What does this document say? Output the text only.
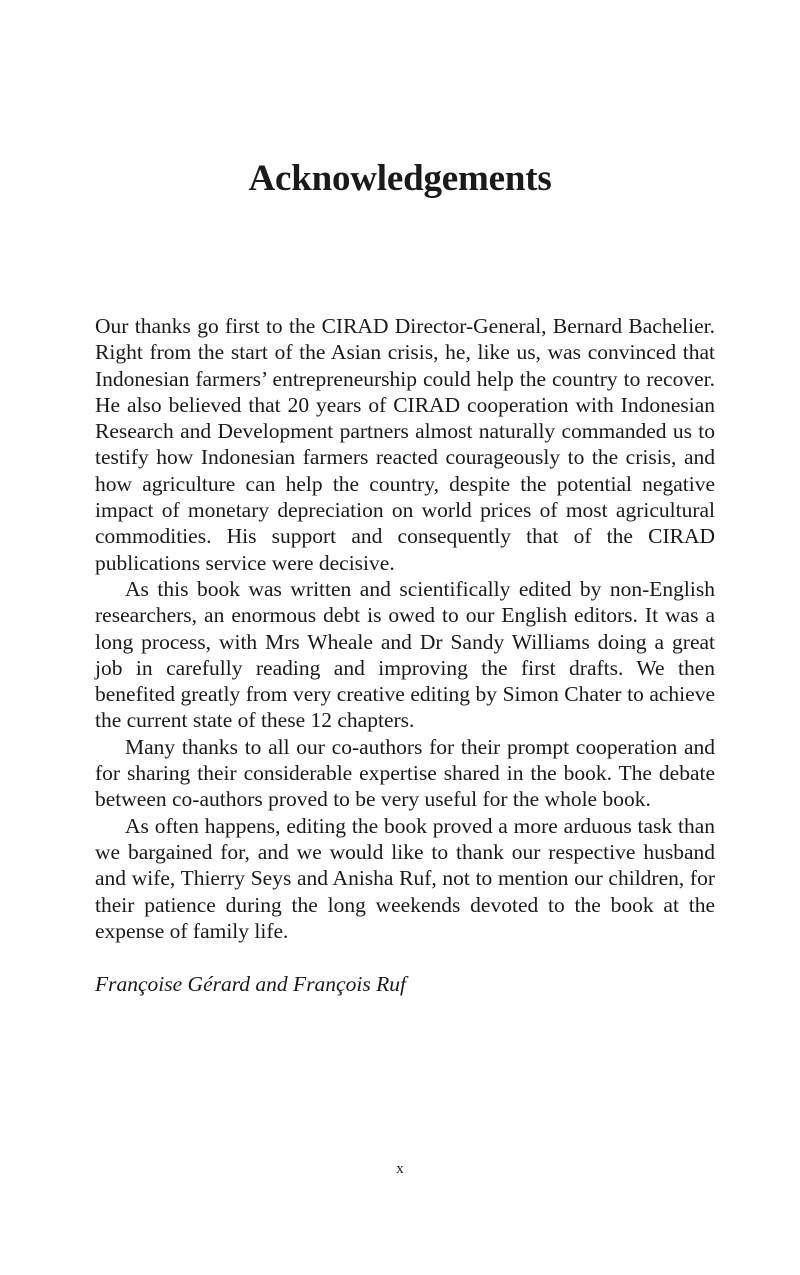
Acknowledgements

Our thanks go first to the CIRAD Director-General, Bernard Bachelier. Right from the start of the Asian crisis, he, like us, was convinced that Indonesian farmers’ entrepreneurship could help the country to recover. He also believed that 20 years of CIRAD cooperation with Indonesian Research and Development partners almost naturally commanded us to testify how Indonesian farmers reacted courageously to the crisis, and how agriculture can help the country, despite the potential negative impact of monetary depreciation on world prices of most agricultural commodities. His support and consequently that of the CIRAD publications service were decisive.

As this book was written and scientifically edited by non-English researchers, an enormous debt is owed to our English editors. It was a long process, with Mrs Wheale and Dr Sandy Williams doing a great job in carefully reading and improving the first drafts. We then benefited greatly from very creative editing by Simon Chater to achieve the current state of these 12 chapters.

Many thanks to all our co-authors for their prompt cooperation and for sharing their considerable expertise shared in the book. The debate between co-authors proved to be very useful for the whole book.

As often happens, editing the book proved a more arduous task than we bargained for, and we would like to thank our respective husband and wife, Thierry Seys and Anisha Ruf, not to mention our children, for their patience during the long weekends devoted to the book at the expense of family life.

Françoise Gérard and François Ruf

x
